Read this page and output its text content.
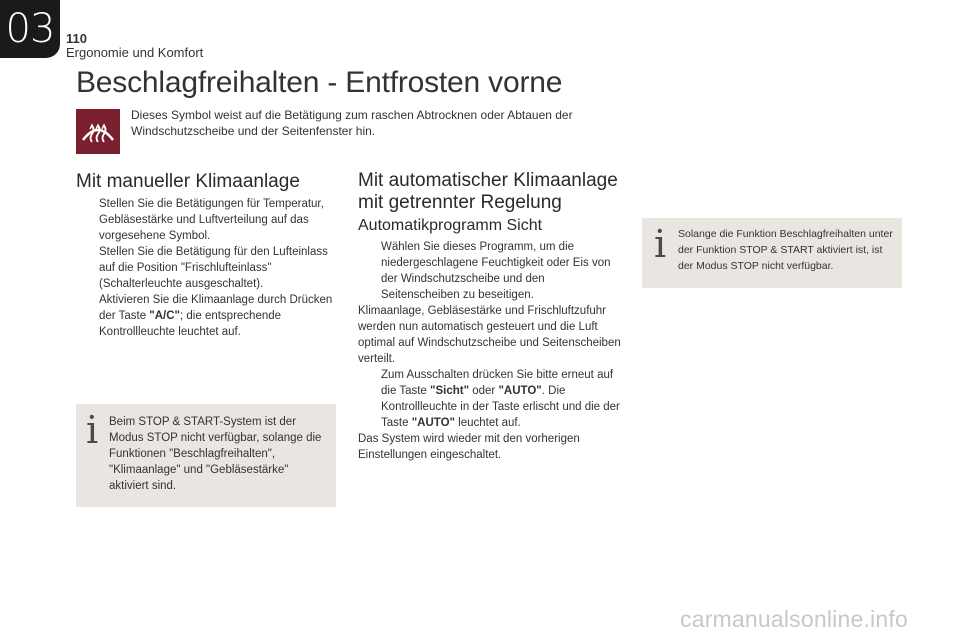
03 110
Ergonomie und Komfort
Beschlagfreihalten - Entfrosten vorne
Dieses Symbol weist auf die Betätigung zum raschen Abtrocknen oder Abtauen der Windschutzscheibe und der Seitenfenster hin.
Mit manueller Klimaanlage
Stellen Sie die Betätigungen für Temperatur, Gebläsestärke und Luftverteilung auf das vorgesehene Symbol.
Stellen Sie die Betätigung für den Lufteinlass auf die Position "Frischlufteinlass" (Schalterleuchte ausgeschaltet).
Aktivieren Sie die Klimaanlage durch Drücken der Taste "A/C"; die entsprechende Kontrollleuchte leuchtet auf.
i Beim STOP & START-System ist der Modus STOP nicht verfügbar, solange die Funktionen "Beschlagfreihalten", "Klimaanlage" und "Gebläsestärke" aktiviert sind.
Mit automatischer Klimaanlage mit getrennter Regelung
Automatikprogramm Sicht
Wählen Sie dieses Programm, um die niedergeschlagene Feuchtigkeit oder Eis von der Windschutzscheibe und den Seitenscheiben zu beseitigen.

Klimaanlage, Gebläsestärke und Frischluftzufuhr werden nun automatisch gesteuert und die Luft optimal auf Windschutzscheibe und Seitenscheiben verteilt.

Zum Ausschalten drücken Sie bitte erneut auf die Taste "Sicht" oder "AUTO". Die Kontrollleuchte in der Taste erlischt und die der Taste "AUTO" leuchtet auf.

Das System wird wieder mit den vorherigen Einstellungen eingeschaltet.

i Solange die Funktion Beschlagfreihalten unter der Funktion STOP & START aktiviert ist, ist der Modus STOP nicht verfügbar.
carmanualsonline.info
